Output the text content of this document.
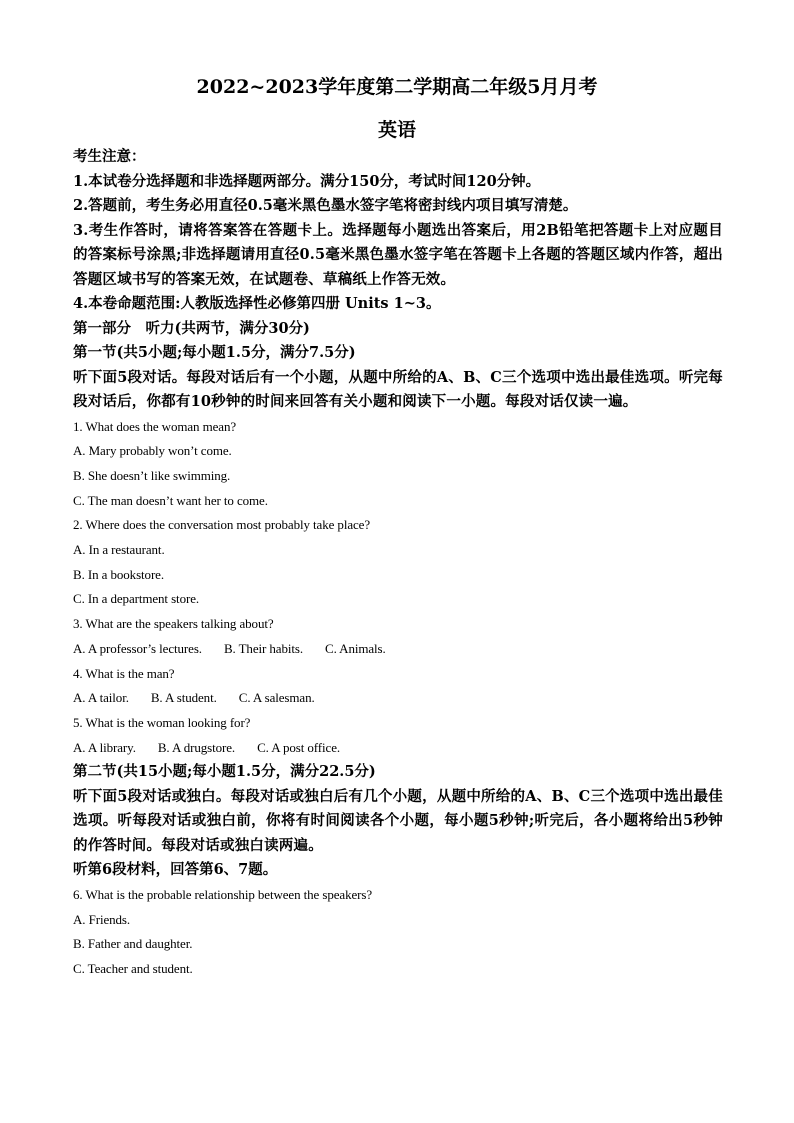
2022~2023学年度第二学期高二年级5月月考
英语

考生注意：

1.本试卷分选择题和非选择题两部分。满分150分，考试时间120分钟。

2.答题前，考生务必用直径0.5毫米黑色墨水签字笔将密封线内项目填写清楚。

3.考生作答时，请将答案答在答题卡上。选择题每小题选出答案后，用2B铅笔把答题卡上对应题目的答案标号涂黑;非选择题请用直径0.5毫米黑色墨水签字笔在答题卡上各题的答题区域内作答，超出答题区域书写的答案无效，在试题卷、草稿纸上作答无效。

4.本卷命题范围:人教版选择性必修第四册 Units 1~3。

第一部分　听力(共两节，满分30分)

第一节(共5小题;每小题1.5分，满分7.5分)

听下面5段对话。每段对话后有一个小题，从题中所给的A、B、C三个选项中选出最佳选项。听完每段对话后，你都有10秒钟的时间来回答有关小题和阅读下一小题。每段对话仅读一遍。

1. What does the woman mean?

A. Mary probably won’t come.

B. She doesn’t like swimming.

C. The man doesn’t want her to come.

2. Where does the conversation most probably take place?

A. In a restaurant.

B. In a bookstore.

C. In a department store.

3. What are the speakers talking about?

A. A professor’s lectures. B. Their habits. C. Animals.

4. What is the man?

A. A tailor. B. A student. C. A salesman.

5. What is the woman looking for?

A. A library. B. A drugstore. C. A post office.

第二节(共15小题;每小题1.5分，满分22.5分)

听下面5段对话或独白。每段对话或独白后有几个小题，从题中所给的A、B、C三个选项中选出最佳选项。听每段对话或独白前，你将有时间阅读各个小题，每小题5秒钟;听完后，各小题将给出5秒钟的作答时间。每段对话或独白读两遍。

听第6段材料，回答第6、7题。

6. What is the probable relationship between the speakers?

A. Friends.

B. Father and daughter.

C. Teacher and student.
